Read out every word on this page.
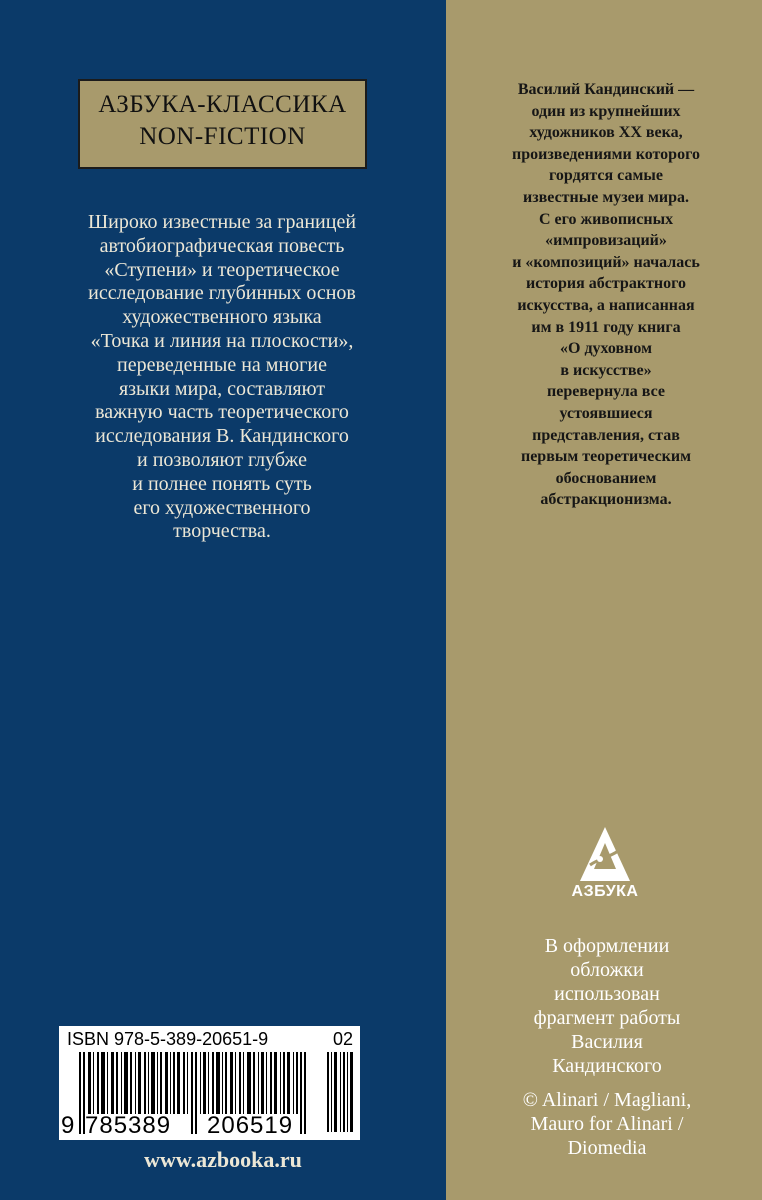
АЗБУКА-КЛАССИКА
NON-FICTION
Широко известные за границей
автобиографическая повесть
«Ступени» и теоретическое
исследование глубинных основ
художественного языка
«Точка и линия на плоскости»,
переведенные на многие
языки мира, составляют
важную часть теоретического
исследования В. Кандинского
и позволяют глубже
и полнее понять суть
его художественного
творчества.
Василий Кандинский —
один из крупнейших
художников XX века,
произведениями которого
гордятся самые
известные музеи мира.
С его живописных
«импровизаций»
и «композиций» началась
история абстрактного
искусства, а написанная
им в 1911 году книга
«О духовном
в искусстве»
перевернула все
устоявшиеся
представления, став
первым теоретическим
обоснованием
абстракционизма.
АЗБУКА
В оформлении
обложки
использован
фрагмент работы
Василия
Кандинского
© Alinari / Magliani,
Mauro for Alinari /
Diomedia
ISBN 978-5-389-20651-9	02
9 785389 206519
www.azbooka.ru
